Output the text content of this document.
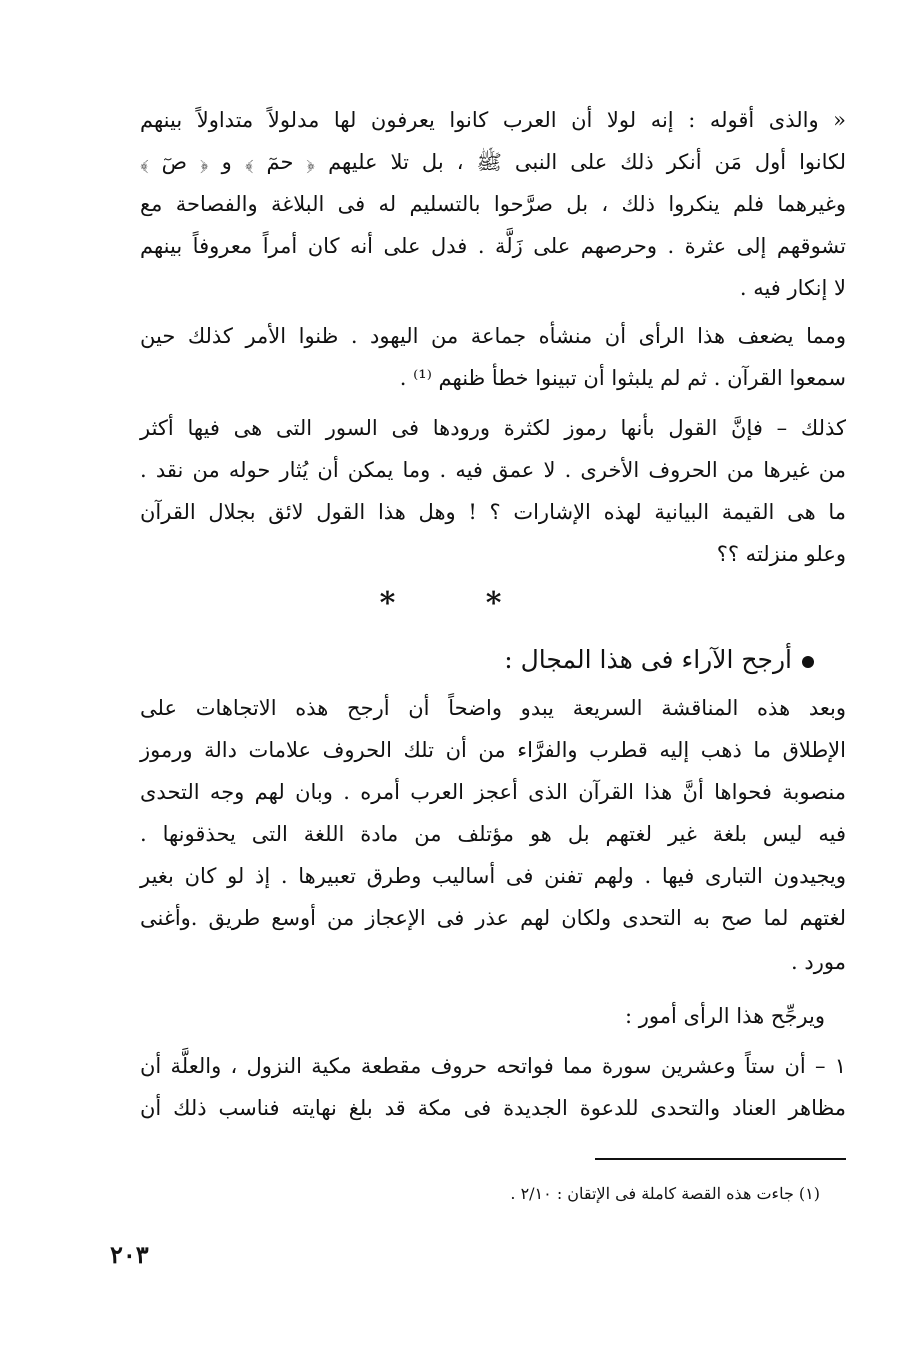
« والذى أقوله : إنه لولا أن العرب كانوا يعرفون لها مدلولاً متداولاً بينهم
لكانوا أول مَن أنكر ذلك على النبى ﷺ ، بل تلا عليهم ﴿ حمٓ ﴾ و ﴿ صٓ ﴾
وغيرهما فلم ينكروا ذلك ، بل صرَّحوا بالتسليم له فى البلاغة والفصاحة مع
تشوقهم إلى عثرة . وحرصهم على زَلَّة . فدل على أنه كان أمراً معروفاً بينهم
لا إنكار فيه .
ومما يضعف هذا الرأى أن منشأه جماعة من اليهود . ظنوا الأمر كذلك حين
سمعوا القرآن . ثم لم يلبثوا أن تبينوا خطأ ظنهم ⁽¹⁾ .
كذلك – فإنَّ القول بأنها رموز لكثرة ورودها فى السور التى هى فيها أكثر
من غيرها من الحروف الأخرى . لا عمق فيه . وما يمكن أن يُثار حوله من نقد .
ما هى القيمة البيانية لهذه الإشارات ؟ ! وهل هذا القول لائق بجلال القرآن
وعلو منزلته ؟؟
* *
أرجح الآراء فى هذا المجال :
وبعد هذه المناقشة السريعة يبدو واضحاً أن أرجح هذه الاتجاهات على
الإطلاق ما ذهب إليه قطرب والفرَّاء من أن تلك الحروف علامات دالة ورموز
منصوبة فحواها أنَّ هذا القرآن الذى أعجز العرب أمره . وبان لهم وجه التحدى
فيه ليس بلغة غير لغتهم بل هو مؤتلف من مادة اللغة التى يحذقونها .
ويجيدون التبارى فيها . ولهم تفنن فى أساليب وطرق تعبيرها . إذ لو كان بغير
لغتهم لما صح به التحدى ولكان لهم عذر فى الإعجاز من أوسع طريق .وأغنى
مورد .
ويرجِّح هذا الرأى أمور :
١ – أن ستاً وعشرين سورة مما فواتحه حروف مقطعة مكية النزول ، والعلَّة أن
مظاهر العناد والتحدى للدعوة الجديدة فى مكة قد بلغ نهايته فناسب ذلك أن
(١) جاءت هذه القصة كاملة فى الإتقان : ٢/١٠ .
٢٠٣
